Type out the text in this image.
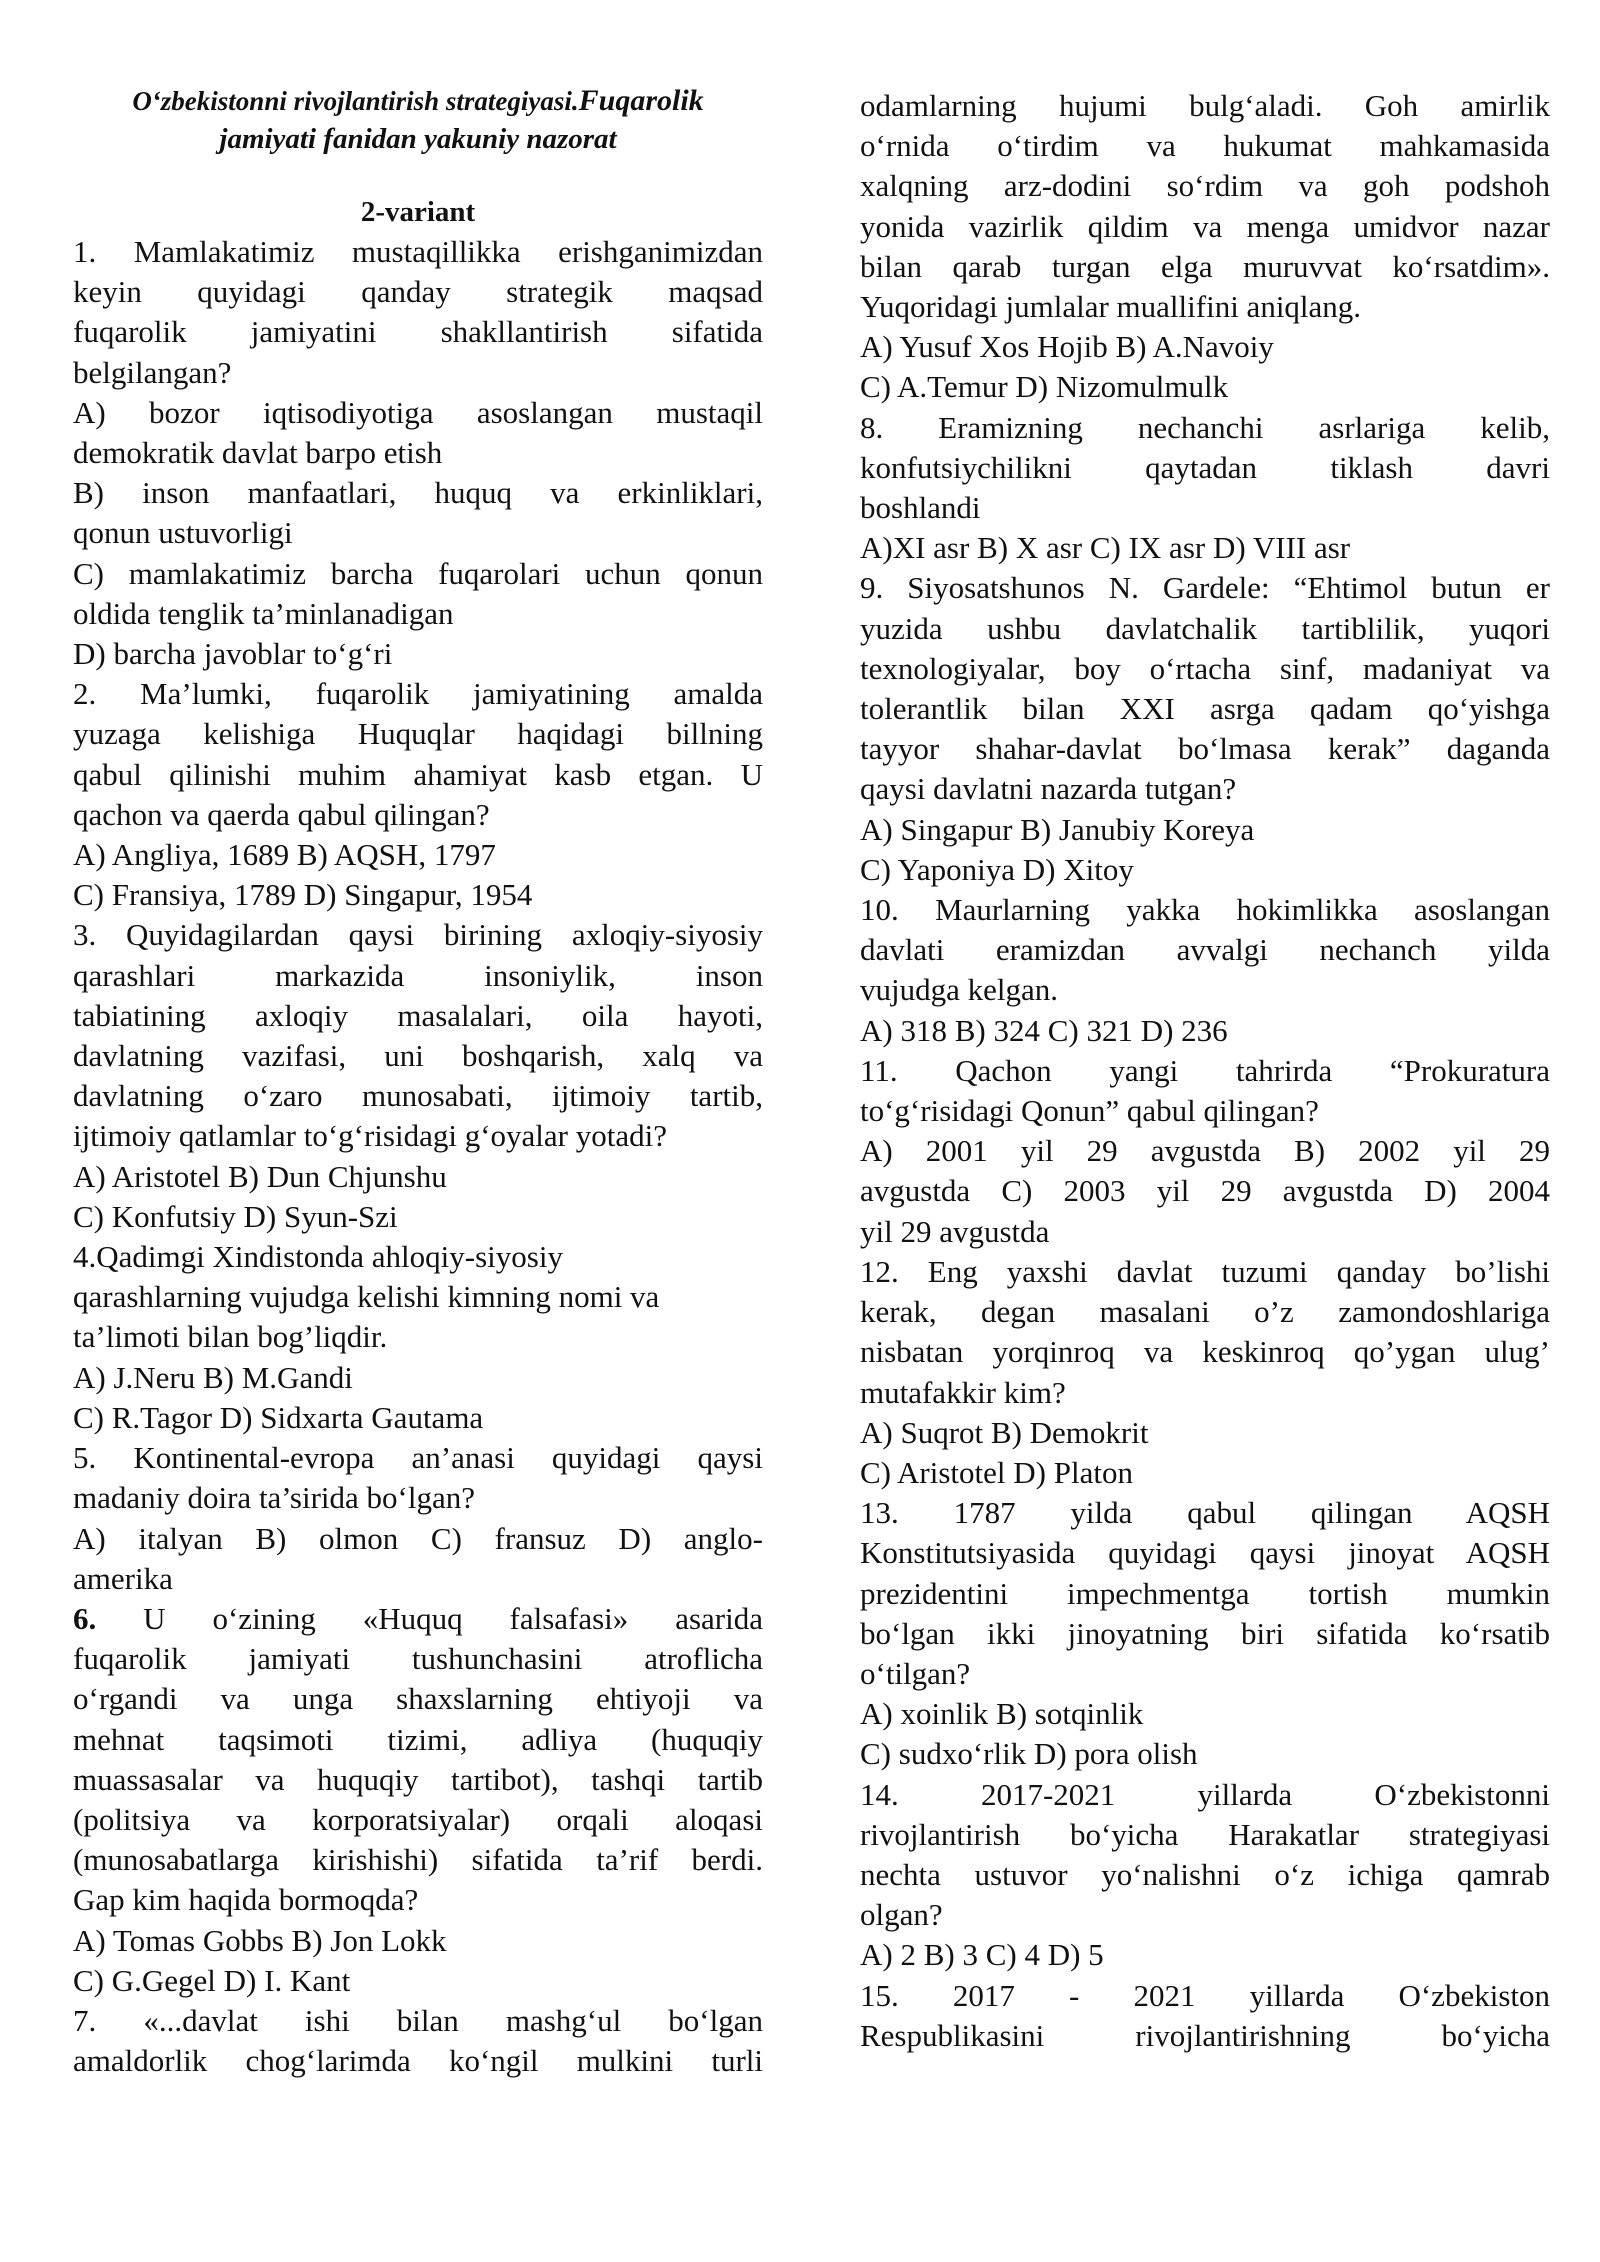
O‘zbekistonni rivojlantirish strategiyasi.Fuqarolik
jamiyati fanidan yakuniy nazorat
2-variant
1. Mamlakatimiz mustaqillikka erishganimizdan
keyin quyidagi qanday strategik maqsad
fuqarolik jamiyatini shakllantirish sifatida
belgilangan?
A) bozor iqtisodiyotiga asoslangan mustaqil
demokratik davlat barpo etish
B) inson manfaatlari, huquq va erkinliklari,
qonun ustuvorligi
C) mamlakatimiz barcha fuqarolari uchun qonun
oldida tenglik ta’minlanadigan
D) barcha javoblar to‘g‘ri
2. Ma’lumki, fuqarolik jamiyatining amalda
yuzaga kelishiga Huquqlar haqidagi billning
qabul qilinishi muhim ahamiyat kasb etgan. U
qachon va qaerda qabul qilingan?
A) Angliya, 1689 B) AQSH, 1797
C) Fransiya, 1789 D) Singapur, 1954
3. Quyidagilardan qaysi birining axloqiy-siyosiy
qarashlari markazida insoniylik, inson
tabiatining axloqiy masalalari, oila hayoti,
davlatning vazifasi, uni boshqarish, xalq va
davlatning o‘zaro munosabati, ijtimoiy tartib,
ijtimoiy qatlamlar to‘g‘risidagi g‘oyalar yotadi?
A) Aristotel B) Dun Chjunshu
C) Konfutsiy D) Syun-Szi
4.Qadimgi Xindistonda ahloqiy-siyosiy
qarashlarning vujudga kelishi kimning nomi va
ta’limoti bilan bog’liqdir.
A) J.Neru B) M.Gandi
C) R.Tagor D) Sidxarta Gautama
5. Kontinental-evropa an’anasi quyidagi qaysi
madaniy doira ta’sirida bo‘lgan?
A) italyan B) olmon C) fransuz D) anglo-
amerika
6. U o‘zining «Huquq falsafasi» asarida
fuqarolik jamiyati tushunchasini atroflicha
o‘rgandi va unga shaxslarning ehtiyoji va
mehnat taqsimoti tizimi, adliya (huquqiy
muassasalar va huquqiy tartibot), tashqi tartib
(politsiya va korporatsiyalar) orqali aloqasi
(munosabatlarga kirishishi) sifatida ta’rif berdi.
Gap kim haqida bormoqda?
A) Tomas Gobbs B) Jon Lokk
C) G.Gegel D) I. Kant
7. «...davlat ishi bilan mashg‘ul bo‘lgan
amaldorlik chog‘larimda ko‘ngil mulkini turli
odamlarning hujumi bulg‘aladi. Goh amirlik
o‘rnida o‘tirdim va hukumat mahkamasida
xalqning arz-dodini so‘rdim va goh podshoh
yonida vazirlik qildim va menga umidvor nazar
bilan qarab turgan elga muruvvat ko‘rsatdim».
Yuqoridagi jumlalar muallifini aniqlang.
A) Yusuf Xos Hojib B) A.Navoiy
C) A.Temur D) Nizomulmulk
8. Eramizning nechanchi asrlariga kelib,
konfutsiychilikni qaytadan tiklash davri
boshlandi
A)XI asr B) X asr C) IX asr D) VIII asr
9. Siyosatshunos N. Gardele: “Ehtimol butun er
yuzida ushbu davlatchalik tartiblilik, yuqori
texnologiyalar, boy o‘rtacha sinf, madaniyat va
tolerantlik bilan XXI asrga qadam qo‘yishga
tayyor shahar-davlat bo‘lmasa kerak” daganda
qaysi davlatni nazarda tutgan?
A) Singapur B) Janubiy Koreya
C) Yaponiya D) Xitoy
10. Maurlarning yakka hokimlikka asoslangan
davlati eramizdan avvalgi nechanch yilda
vujudga kelgan.
A) 318 B) 324 C) 321 D) 236
11. Qachon yangi tahrirda “Prokuratura
to‘g‘risidagi Qonun” qabul qilingan?
A) 2001 yil 29 avgustda B) 2002 yil 29
avgustda C) 2003 yil 29 avgustda D) 2004
yil 29 avgustda
12. Eng yaxshi davlat tuzumi qanday bo’lishi
kerak, degan masalani o’z zamondoshlariga
nisbatan yorqinroq va keskinroq qo’ygan ulug’
mutafakkir kim?
A) Suqrot B) Demokrit
C) Aristotel D) Platon
13. 1787 yilda qabul qilingan AQSH
Konstitutsiyasida quyidagi qaysi jinoyat AQSH
prezidentini impechmentga tortish mumkin
bo‘lgan ikki jinoyatning biri sifatida ko‘rsatib
o‘tilgan?
A) xoinlik B) sotqinlik
C) sudxo‘rlik D) pora olish
14. 2017-2021 yillarda O‘zbekistonni
rivojlantirish bo‘yicha Harakatlar strategiyasi
nechta ustuvor yo‘nalishni o‘z ichiga qamrab
olgan?
A) 2 B) 3 C) 4 D) 5
15. 2017 - 2021 yillarda O‘zbekiston
Respublikasini rivojlantirishning bo‘yicha
